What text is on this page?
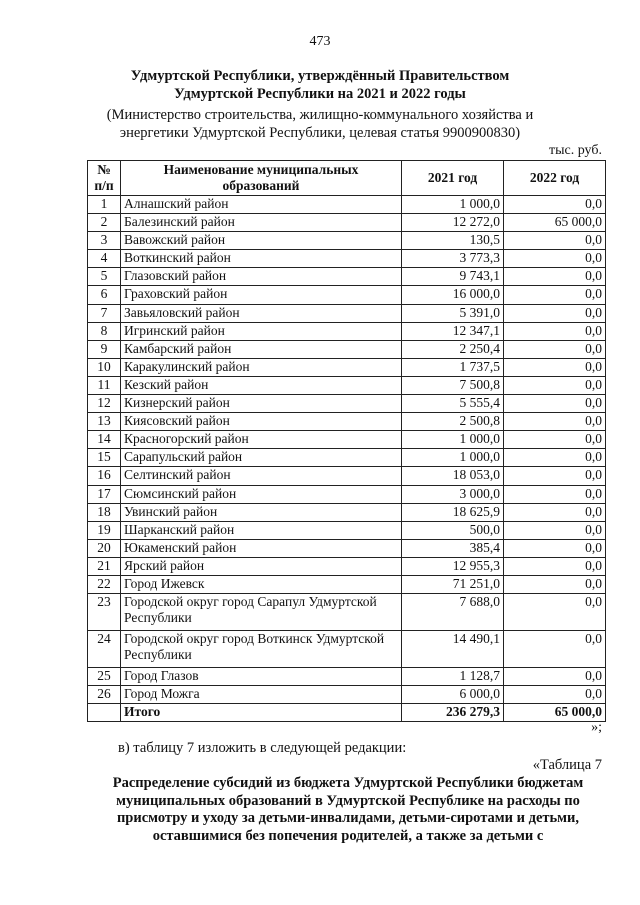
473
Удмуртской Республики, утверждённый Правительством Удмуртской Республики на 2021 и 2022 годы
(Министерство строительства, жилищно-коммунального хозяйства и энергетики Удмуртской Республики, целевая статья 9900900830)
тыс. руб.
№ п/п	Наименование муниципальных образований	2021 год	2022 год
1	Алнашский район	1 000,0	0,0
2	Балезинский район	12 272,0	65 000,0
3	Вавожский район	130,5	0,0
4	Воткинский район	3 773,3	0,0
5	Глазовский район	9 743,1	0,0
6	Граховский район	16 000,0	0,0
7	Завьяловский район	5 391,0	0,0
8	Игринский район	12 347,1	0,0
9	Камбарский район	2 250,4	0,0
10	Каракулинский район	1 737,5	0,0
11	Кезский район	7 500,8	0,0
12	Кизнерский район	5 555,4	0,0
13	Киясовский район	2 500,8	0,0
14	Красногорский район	1 000,0	0,0
15	Сарапульский район	1 000,0	0,0
16	Селтинский район	18 053,0	0,0
17	Сюмсинский район	3 000,0	0,0
18	Увинский район	18 625,9	0,0
19	Шарканский район	500,0	0,0
20	Юкаменский район	385,4	0,0
21	Ярский район	12 955,3	0,0
22	Город Ижевск	71 251,0	0,0
23	Городской округ город Сарапул Удмуртской Республики	7 688,0	0,0
24	Городской округ город Воткинск Удмуртской Республики	14 490,1	0,0
25	Город Глазов	1 128,7	0,0
26	Город Можга	6 000,0	0,0
	Итого	236 279,3	65 000,0
»;
в) таблицу 7 изложить в следующей редакции:
«Таблица 7
Распределение субсидий из бюджета Удмуртской Республики бюджетам муниципальных образований в Удмуртской Республике на расходы по присмотру и уходу за детьми-инвалидами, детьми-сиротами и детьми, оставшимися без попечения родителей, а также за детьми с
